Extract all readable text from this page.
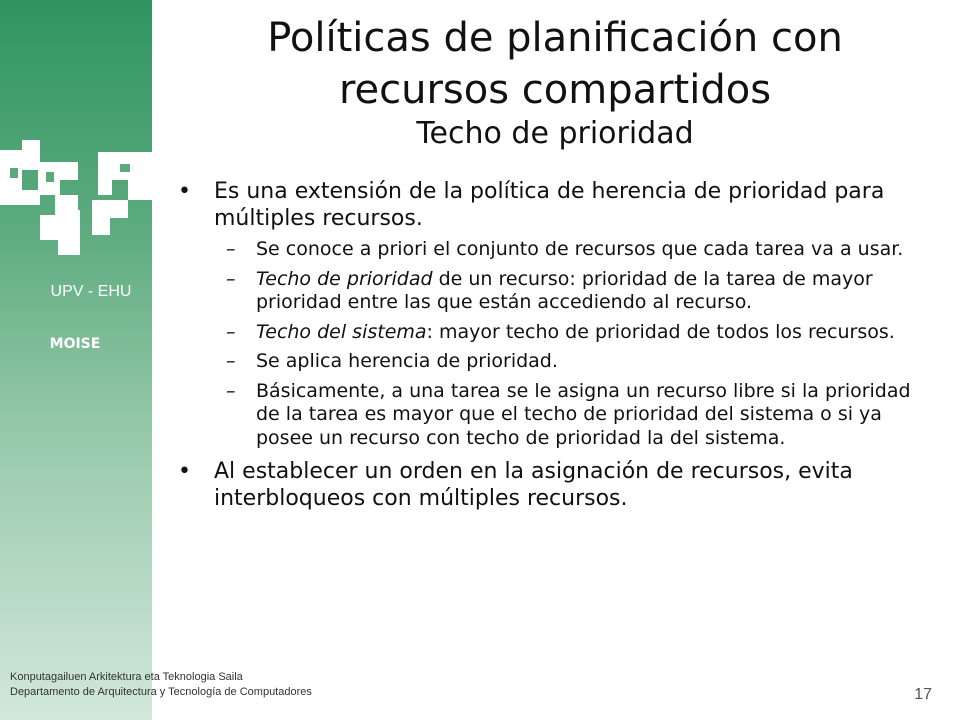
UPV - EHU
MOISE
Políticas de planificación con
recursos compartidos
Techo de prioridad
• Es una extensión de la política de herencia de prioridad para múltiples recursos.
– Se conoce a priori el conjunto de recursos que cada tarea va a usar.
– Techo de prioridad de un recurso: prioridad de la tarea de mayor prioridad entre las que están accediendo al recurso.
– Techo del sistema: mayor techo de prioridad de todos los recursos.
– Se aplica herencia de prioridad.
– Básicamente, a una tarea se le asigna un recurso libre si la prioridad de la tarea es mayor que el techo de prioridad del sistema o si ya posee un recurso con techo de prioridad la del sistema.
• Al establecer un orden en la asignación de recursos, evita interbloqueos con múltiples recursos.
Konputagailuen Arkitektura eta Teknologia Saila
Departamento de Arquitectura y Tecnología de Computadores	17
